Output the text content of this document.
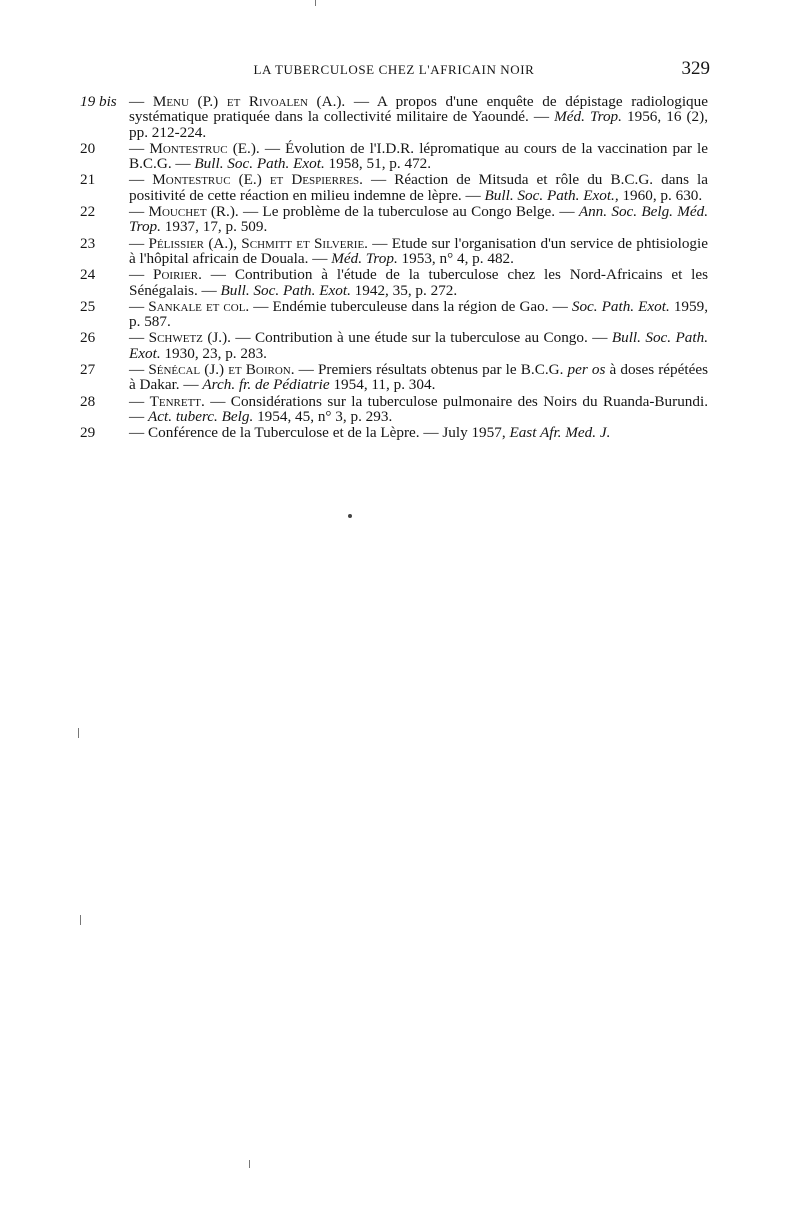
LA TUBERCULOSE CHEZ L'AFRICAIN NOIR	329
19 bis — Menu (P.) et Rivoalen (A.). — A propos d'une enquête de dépistage radiologique systématique pratiquée dans la collectivité militaire de Yaoundé. — Méd. Trop. 1956, 16 (2), pp. 212-224.
20 — Montestruc (E.). — Évolution de l'I.D.R. lépromatique au cours de la vaccination par le B.C.G. — Bull. Soc. Path. Exot. 1958, 51, p. 472.
21 — Montestruc (E.) et Despierres. — Réaction de Mitsuda et rôle du B.C.G. dans la positivité de cette réaction en milieu indemne de lèpre. — Bull. Soc. Path. Exot., 1960, p. 630.
22 — Mouchet (R.). — Le problème de la tuberculose au Congo Belge. — Ann. Soc. Belg. Méd. Trop. 1937, 17, p. 509.
23 — Pélissier (A.), Schmitt et Silverie. — Etude sur l'organisation d'un service de phtisiologie à l'hôpital africain de Douala. — Méd. Trop. 1953, n° 4, p. 482.
24 — Poirier. — Contribution à l'étude de la tuberculose chez les Nord-Africains et les Sénégalais. — Bull. Soc. Path. Exot. 1942, 35, p. 272.
25 — Sankale et col. — Endémie tuberculeuse dans la région de Gao. — Soc. Path. Exot. 1959, p. 587.
26 — Schwetz (J.). — Contribution à une étude sur la tuberculose au Congo. — Bull. Soc. Path. Exot. 1930, 23, p. 283.
27 — Sénécal (J.) et Boiron. — Premiers résultats obtenus par le B.C.G. per os à doses répétées à Dakar. — Arch. fr. de Pédiatrie 1954, 11, p. 304.
28 — Tenrett. — Considérations sur la tuberculose pulmonaire des Noirs du Ruanda-Burundi. — Act. tuberc. Belg. 1954, 45, n° 3, p. 293.
29 — Conférence de la Tuberculose et de la Lèpre. — July 1957, East Afr. Med. J.
